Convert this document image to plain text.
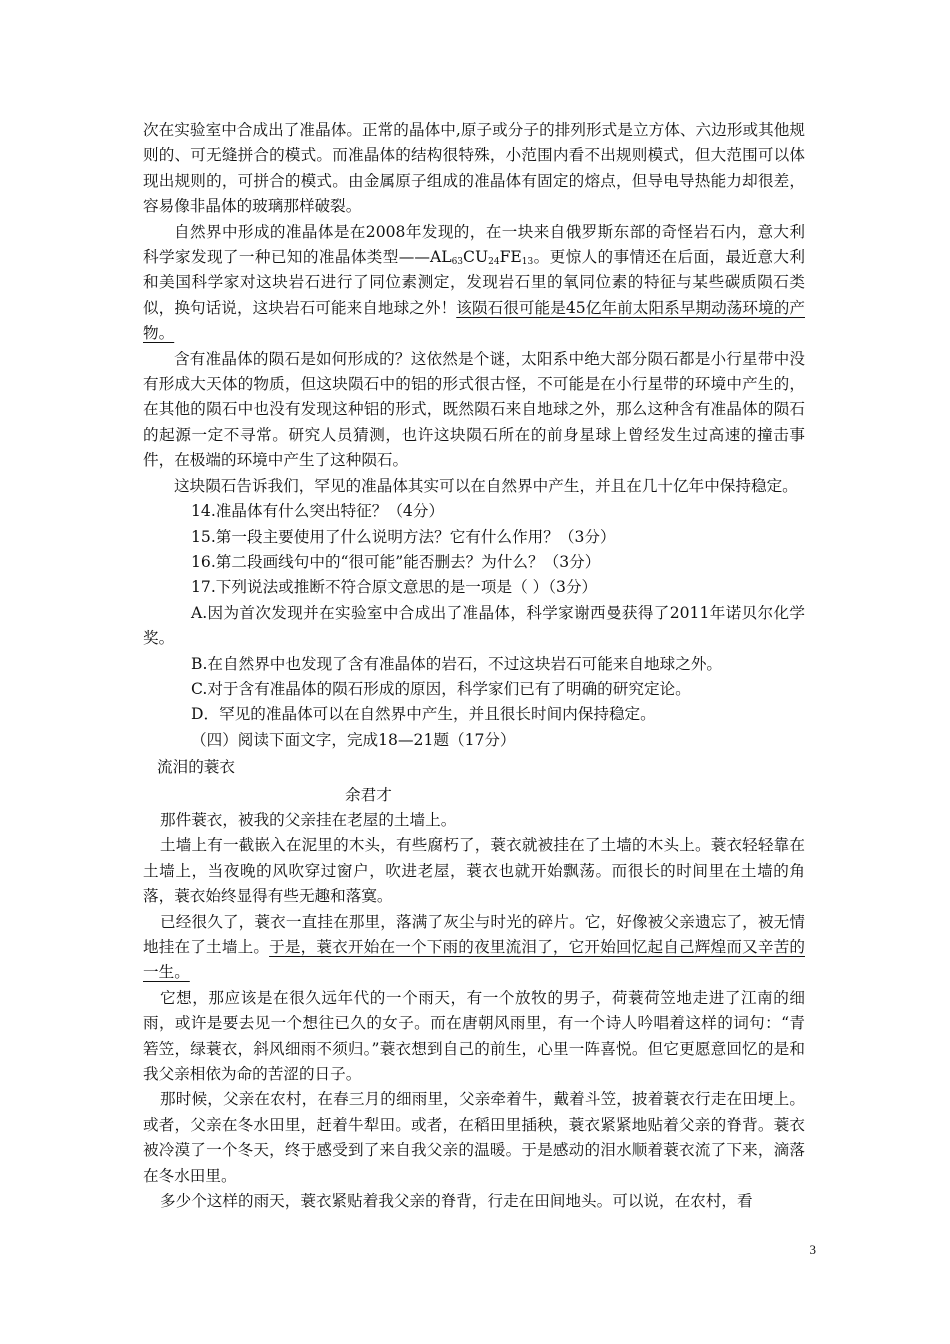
次在实验室中合成出了准晶体。正常的晶体中,原子或分子的排列形式是立方体、六边形或其他规则的、可无缝拼合的模式。而准晶体的结构很特殊，小范围内看不出规则模式，但大范围可以体现出规则的，可拼合的模式。由金属原子组成的准晶体有固定的熔点，但导电导热能力却很差，容易像非晶体的玻璃那样破裂。

自然界中形成的准晶体是在2008年发现的，在一块来自俄罗斯东部的奇怪岩石内，意大利科学家发现了一种已知的准晶体类型$——AL_{63}CU_{24}FE_{13}$。更惊人的事情还在后面，最近意大利和美国科学家对这块岩石进行了同位素测定，发现岩石里的氧同位素的特征与某些碳质陨石类似，换句话说，这块岩石可能来自地球之外！该陨石很可能是45亿年前太阳系早期动荡环境的产物。

含有准晶体的陨石是如何形成的？这依然是个谜，太阳系中绝大部分陨石都是小行星带中没有形成大天体的物质，但这块陨石中的铝的形式很古怪，不可能是在小行星带的环境中产生的，在其他的陨石中也没有发现这种铝的形式，既然陨石来自地球之外，那么这种含有准晶体的陨石的起源一定不寻常。研究人员猜测，也许这块陨石所在的前身星球上曾经发生过高速的撞击事件，在极端的环境中产生了这种陨石。

这块陨石告诉我们，罕见的准晶体其实可以在自然界中产生，并且在几十亿年中保持稳定。

14.准晶体有什么突出特征？（4分）

15.第一段主要使用了什么说明方法？它有什么作用？（3分）

16.第二段画线句中的“很可能”能否删去？为什么？（3分）

17.下列说法或推断不符合原文意思的是一项是（ ）（3分）

A.因为首次发现并在实验室中合成出了准晶体，科学家谢西曼获得了2011年诺贝尔化学奖。

B.在自然界中也发现了含有准晶体的岩石，不过这块岩石可能来自地球之外。

C.对于含有准晶体的陨石形成的原因，科学家们已有了明确的研究定论。

D．罕见的准晶体可以在自然界中产生，并且很长时间内保持稳定。

（四）阅读下面文字，完成18—21题（17分）

流泪的蓑衣

余君才

那件蓑衣，被我的父亲挂在老屋的土墙上。

土墙上有一截嵌入在泥里的木头，有些腐朽了，蓑衣就被挂在了土墙的木头上。蓑衣轻轻靠在土墙上，当夜晚的风吹穿过窗户，吹进老屋，蓑衣也就开始飘荡。而很长的时间里在土墙的角落，蓑衣始终显得有些无趣和落寞。

已经很久了，蓑衣一直挂在那里，落满了灰尘与时光的碎片。它，好像被父亲遗忘了，被无情地挂在了土墙上。于是，蓑衣开始在一个下雨的夜里流泪了，它开始回忆起自己辉煌而又辛苦的一生。

它想，那应该是在很久远年代的一个雨天，有一个放牧的男子，荷蓑荷笠地走进了江南的细雨，或许是要去见一个想往已久的女子。而在唐朝风雨里，有一个诗人吟唱着这样的词句：“青箬笠，绿蓑衣，斜风细雨不须归。”蓑衣想到自己的前生，心里一阵喜悦。但它更愿意回忆的是和我父亲相依为命的苦涩的日子。

那时候，父亲在农村，在春三月的细雨里，父亲牵着牛，戴着斗笠，披着蓑衣行走在田埂上。或者，父亲在冬水田里，赶着牛犁田。或者，在稻田里插秧，蓑衣紧紧地贴着父亲的脊背。蓑衣被冷漠了一个冬天，终于感受到了来自我父亲的温暖。于是感动的泪水顺着蓑衣流了下来，滴落在冬水田里。

多少个这样的雨天，蓑衣紧贴着我父亲的脊背，行走在田间地头。可以说，在农村，看

3
